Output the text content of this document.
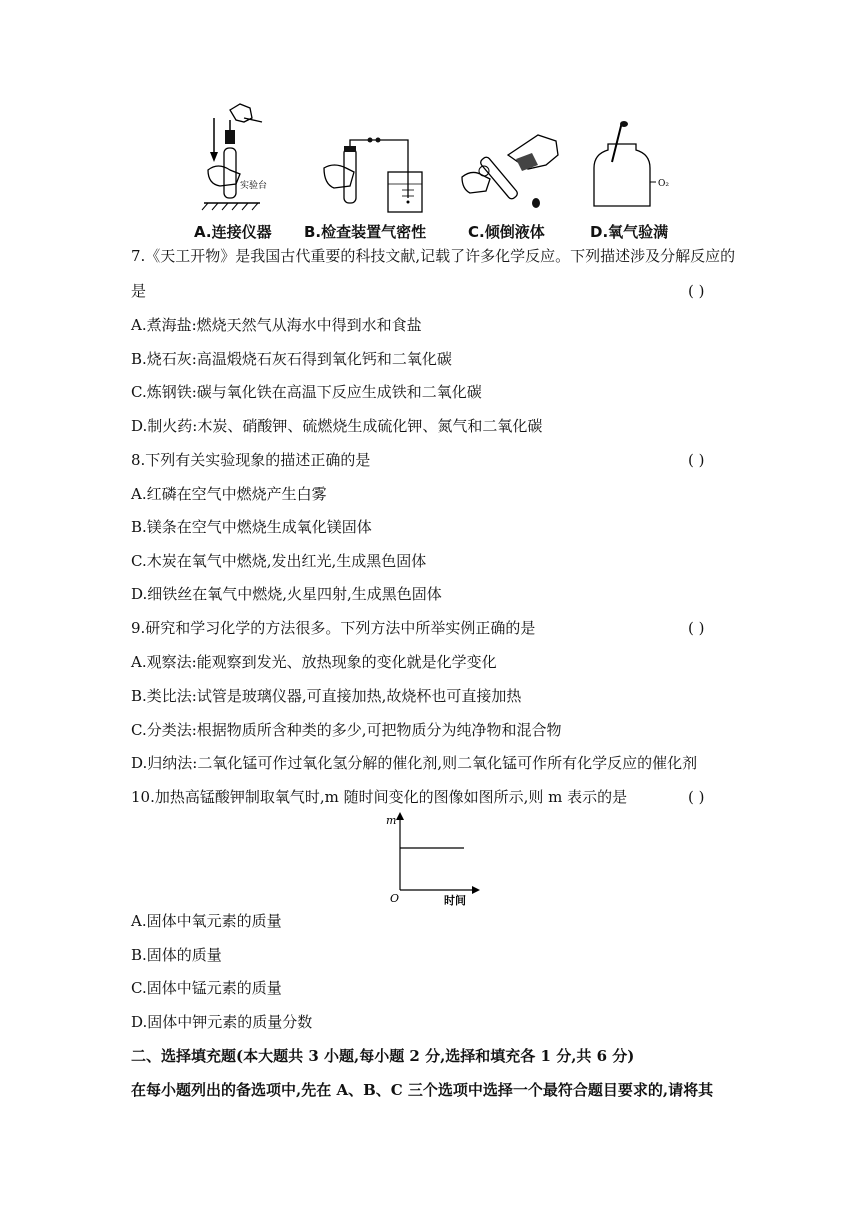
实验台	O₂
A.连接仪器 B.检查装置气密性	C.倾倒液体	D.氧气验满
7.《天工开物》是我国古代重要的科技文献,记载了许多化学反应。下列描述涉及分解反应的
是	( )
A.煮海盐:燃烧天然气从海水中得到水和食盐
B.烧石灰:高温煅烧石灰石得到氧化钙和二氧化碳
C.炼钢铁:碳与氧化铁在高温下反应生成铁和二氧化碳
D.制火药:木炭、硝酸钾、硫燃烧生成硫化钾、氮气和二氧化碳
8.下列有关实验现象的描述正确的是	( )
A.红磷在空气中燃烧产生白雾
B.镁条在空气中燃烧生成氧化镁固体
C.木炭在氧气中燃烧,发出红光,生成黑色固体
D.细铁丝在氧气中燃烧,火星四射,生成黑色固体
9.研究和学习化学的方法很多。下列方法中所举实例正确的是	( )
A.观察法:能观察到发光、放热现象的变化就是化学变化
B.类比法:试管是玻璃仪器,可直接加热,故烧杯也可直接加热
C.分类法:根据物质所含种类的多少,可把物质分为纯净物和混合物
D.归纳法:二氧化锰可作过氧化氢分解的催化剂,则二氧化锰可作所有化学反应的催化剂
10.加热高锰酸钾制取氧气时,m 随时间变化的图像如图所示,则 m 表示的是	( )
m
O	时间
A.固体中氧元素的质量
B.固体的质量
C.固体中锰元素的质量
D.固体中钾元素的质量分数
二、选择填充题(本大题共 3 小题,每小题 2 分,选择和填充各 1 分,共 6 分)
在每小题列出的备选项中,先在 A、B、C 三个选项中选择一个最符合题目要求的,请将其
